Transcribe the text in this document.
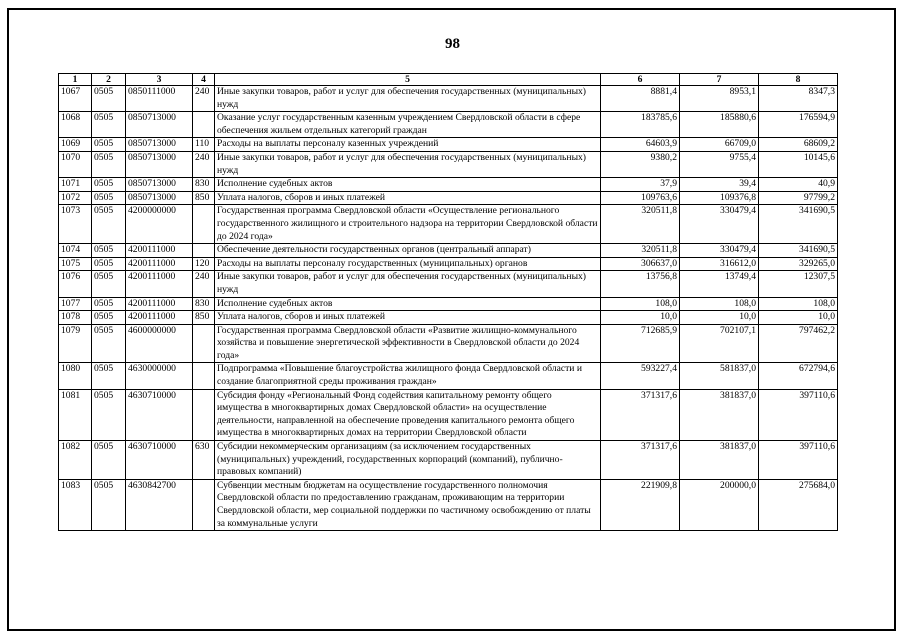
98
1	2	3	4	5	6	7	8
1067	0505	0850111000	240	Иные закупки товаров, работ и услуг для обеспечения государственных (муниципальных) нужд	8881,4	8953,1	8347,3
1068	0505	0850713000		Оказание услуг государственным казенным учреждением Свердловской области в сфере обеспечения жильем отдельных категорий граждан	183785,6	185880,6	176594,9
1069	0505	0850713000	110	Расходы на выплаты персоналу казенных учреждений	64603,9	66709,0	68609,2
1070	0505	0850713000	240	Иные закупки товаров, работ и услуг для обеспечения государственных (муниципальных) нужд	9380,2	9755,4	10145,6
1071	0505	0850713000	830	Исполнение судебных актов	37,9	39,4	40,9
1072	0505	0850713000	850	Уплата налогов, сборов и иных платежей	109763,6	109376,8	97799,2
1073	0505	4200000000		Государственная программа Свердловской области «Осуществление регионального государственного жилищного и строительного надзора на территории Свердловской области до 2024 года»	320511,8	330479,4	341690,5
1074	0505	4200111000		Обеспечение деятельности государственных органов (центральный аппарат)	320511,8	330479,4	341690,5
1075	0505	4200111000	120	Расходы на выплаты персоналу государственных (муниципальных) органов	306637,0	316612,0	329265,0
1076	0505	4200111000	240	Иные закупки товаров, работ и услуг для обеспечения государственных (муниципальных) нужд	13756,8	13749,4	12307,5
1077	0505	4200111000	830	Исполнение судебных актов	108,0	108,0	108,0
1078	0505	4200111000	850	Уплата налогов, сборов и иных платежей	10,0	10,0	10,0
1079	0505	4600000000		Государственная программа Свердловской области «Развитие жилищно-коммунального хозяйства и повышение энергетической эффективности в Свердловской области до 2024 года»	712685,9	702107,1	797462,2
1080	0505	4630000000		Подпрограмма «Повышение благоустройства жилищного фонда Свердловской области и создание благоприятной среды проживания граждан»	593227,4	581837,0	672794,6
1081	0505	4630710000		Субсидия фонду «Региональный Фонд содействия капитальному ремонту общего имущества в многоквартирных домах Свердловской области» на осуществление деятельности, направленной на обеспечение проведения капитального ремонта общего имущества в многоквартирных домах на территории Свердловской области	371317,6	381837,0	397110,6
1082	0505	4630710000	630	Субсидии некоммерческим организациям (за исключением государственных (муниципальных) учреждений, государственных корпораций (компаний), публично-правовых компаний)	371317,6	381837,0	397110,6
1083	0505	4630842700		Субвенции местным бюджетам на осуществление государственного полномочия Свердловской области по предоставлению гражданам, проживающим на территории Свердловской области, мер социальной поддержки по частичному освобождению от платы за коммунальные услуги	221909,8	200000,0	275684,0
